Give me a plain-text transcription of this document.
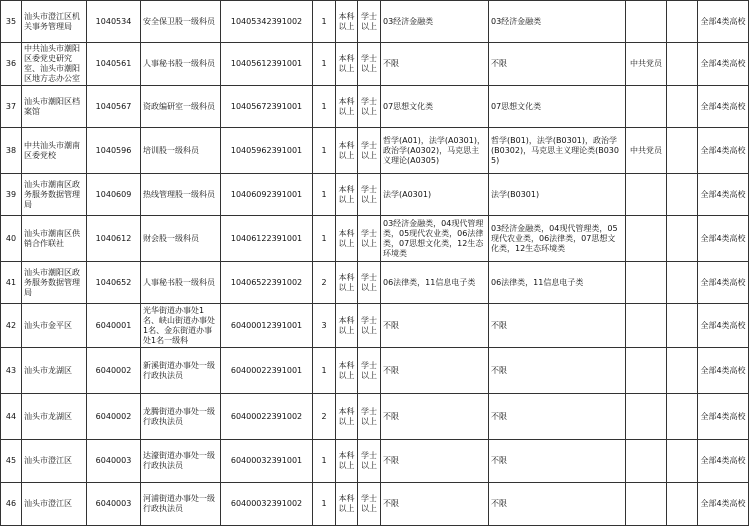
35	汕头市澄江区机关事务管理局	1040534	安全保卫股一级科员	10405342391002	1	本科以上	学士以上	03经济金融类	03经济金融类			全部4类高校
36	中共汕头市潮阳区委党史研究室、汕头市潮阳区地方志办公室	1040561	人事秘书股一级科员	10405612391001	1	本科以上	学士以上	不限	不限	中共党员		全部4类高校
37	汕头市潮阳区档案馆	1040567	资政编研室一级科员	10405672391001	1	本科以上	学士以上	07思想文化类	07思想文化类			全部4类高校
38	中共汕头市潮南区委党校	1040596	培训股一级科员	10405962391001	1	本科以上	学士以上	哲学(A01)，法学(A0301)，政治学(A0302)，马克思主义理论(A0305)	哲学(B01)，法学(B0301)，政治学(B0302)，马克思主义理论类(B0305)	中共党员		全部4类高校
39	汕头市潮南区政务服务数据管理局	1040609	热线管理股一级科员	10406092391001	1	本科以上	学士以上	法学(A0301)	法学(B0301)			全部4类高校
40	汕头市潮南区供销合作联社	1040612	财会股一级科员	10406122391001	1	本科以上	学士以上	03经济金融类，04现代管理类，05现代农业类，06法律类，07思想文化类，12生态环境类	03经济金融类，04现代管理类，05现代农业类，06法律类，07思想文化类，12生态环境类			全部4类高校
41	汕头市潮阳区政务服务数据管理局	1040652	人事秘书股一级科员	10406522391002	2	本科以上	学士以上	06法律类，11信息电子类	06法律类，11信息电子类			全部4类高校
42	汕头市金平区	6040001	光华街道办事处1名、峡山街道办事处1名、金东街道办事处1名一级科	60400012391001	3	本科以上	学士以上	不限	不限			全部4类高校
43	汕头市龙湖区	6040002	新溪街道办事处一级行政执法员	60400022391001	1	本科以上	学士以上	不限	不限			全部4类高校
44	汕头市龙湖区	6040002	龙腾街道办事处一级行政执法员	60400022391002	2	本科以上	学士以上	不限	不限			全部4类高校
45	汕头市澄江区	6040003	达濠街道办事处一级行政执法员	60400032391001	1	本科以上	学士以上	不限	不限			全部4类高校
46	汕头市澄江区	6040003	河浦街道办事处一级行政执法员	60400032391002	1	本科以上	学士以上	不限	不限			全部4类高校
